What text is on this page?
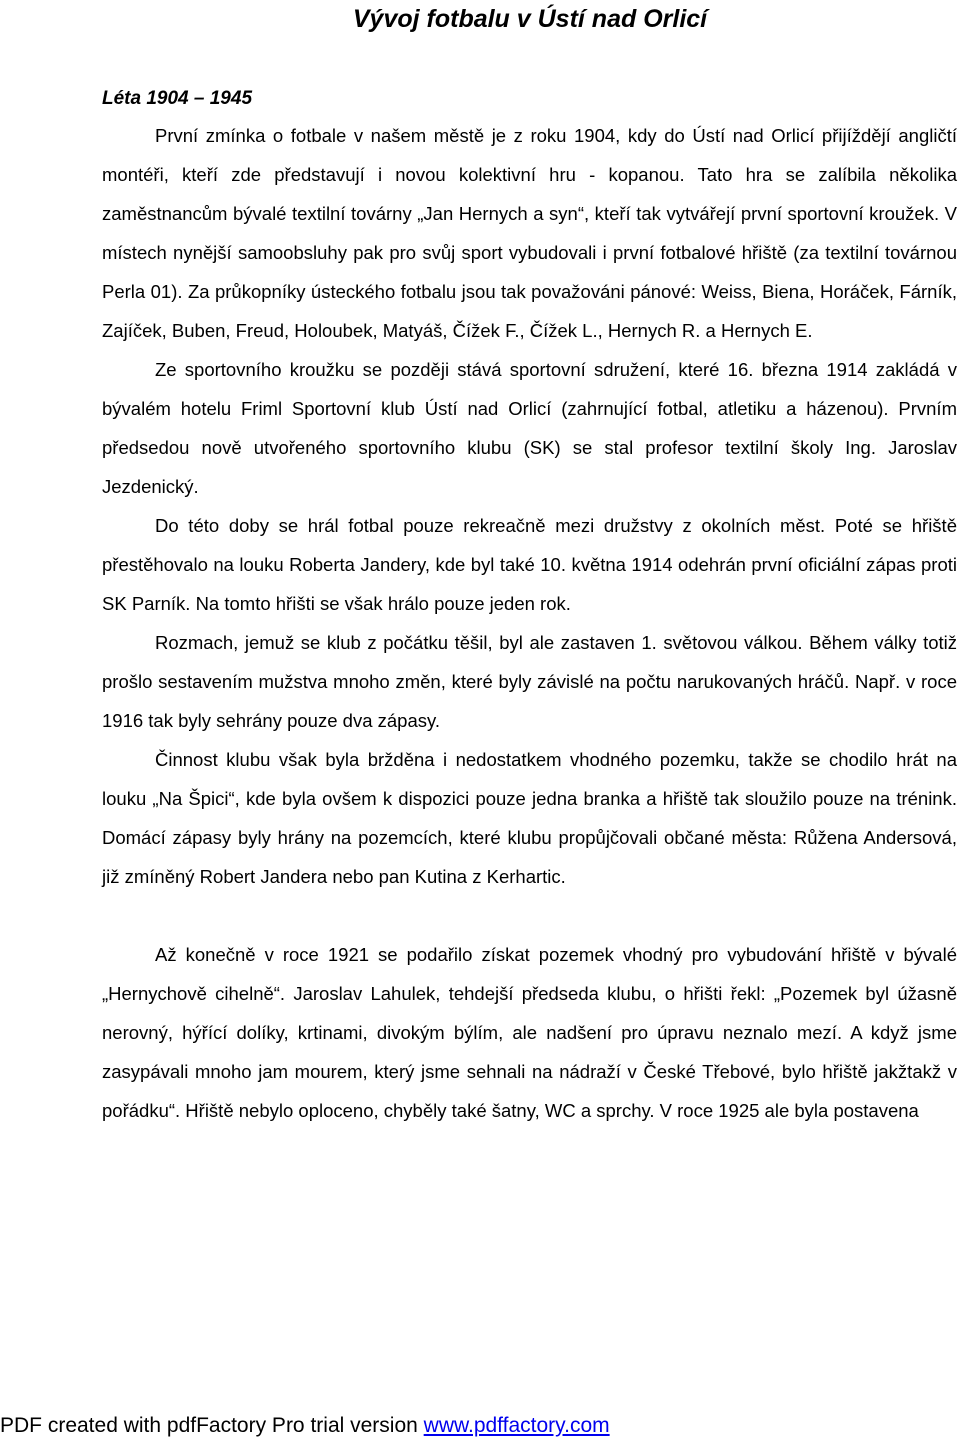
Vývoj fotbalu v Ústí nad Orlicí
Léta 1904 – 1945

První zmínka o fotbale v našem městě je z roku 1904, kdy do Ústí nad Orlicí přijíždějí angličtí montéři, kteří zde představují i novou kolektivní hru - kopanou. Tato hra se zalíbila několika zaměstnancům bývalé textilní továrny „Jan Hernych a syn“, kteří tak vytvářejí první sportovní kroužek. V místech nynější samoobsluhy pak pro svůj sport vybudovali i první fotbalové hřiště (za textilní továrnou Perla 01). Za průkopníky ústeckého fotbalu jsou tak považováni pánové: Weiss, Biena, Horáček, Fárník, Zajíček, Buben, Freud, Holoubek, Matyáš, Čížek F., Čížek L., Hernych R. a Hernych E.

Ze sportovního kroužku se později stává sportovní sdružení, které 16. března 1914 zakládá v bývalém hotelu Friml Sportovní klub Ústí nad Orlicí (zahrnující fotbal, atletiku a házenou). Prvním předsedou nově utvořeného sportovního klubu (SK) se stal profesor textilní školy Ing. Jaroslav Jezdenický.

Do této doby se hrál fotbal pouze rekreačně mezi družstvy z okolních měst. Poté se hřiště přestěhovalo na louku Roberta Jandery, kde byl také 10. května 1914 odehrán první oficiální zápas proti SK Parník. Na tomto hřišti se však hrálo pouze jeden rok.

Rozmach, jemuž se klub z počátku těšil, byl ale zastaven 1. světovou válkou. Během války totiž prošlo sestavením mužstva mnoho změn, které byly závislé na počtu narukovaných hráčů. Např. v roce 1916 tak byly sehrány pouze dva zápasy.

Činnost klubu však byla bržděna i nedostatkem vhodného pozemku, takže se chodilo hrát na louku „Na Špici“, kde byla ovšem k dispozici pouze jedna branka a hřiště tak sloužilo pouze na trénink. Domácí zápasy byly hrány na pozemcích, které klubu propůjčovali občané města: Růžena Andersová, již zmíněný Robert Jandera nebo pan Kutina z Kerhartic.

Až konečně v roce 1921 se podařilo získat pozemek vhodný pro vybudování hřiště v bývalé „Hernychově cihelně“. Jaroslav Lahulek, tehdejší předseda klubu, o hřišti řekl: „Pozemek byl úžasně nerovný, hýřící dolíky, krtinami, divokým býlím, ale nadšení pro úpravu neznalo mezí. A když jsme zasypávali mnoho jam mourem, který jsme sehnali na nádraží v České Třebové, bylo hřiště jakžtakž v pořádku“. Hřiště nebylo oploceno, chyběly také šatny, WC a sprchy. V roce 1925 ale byla postavena

PDF created with pdfFactory Pro trial version www.pdffactory.com
